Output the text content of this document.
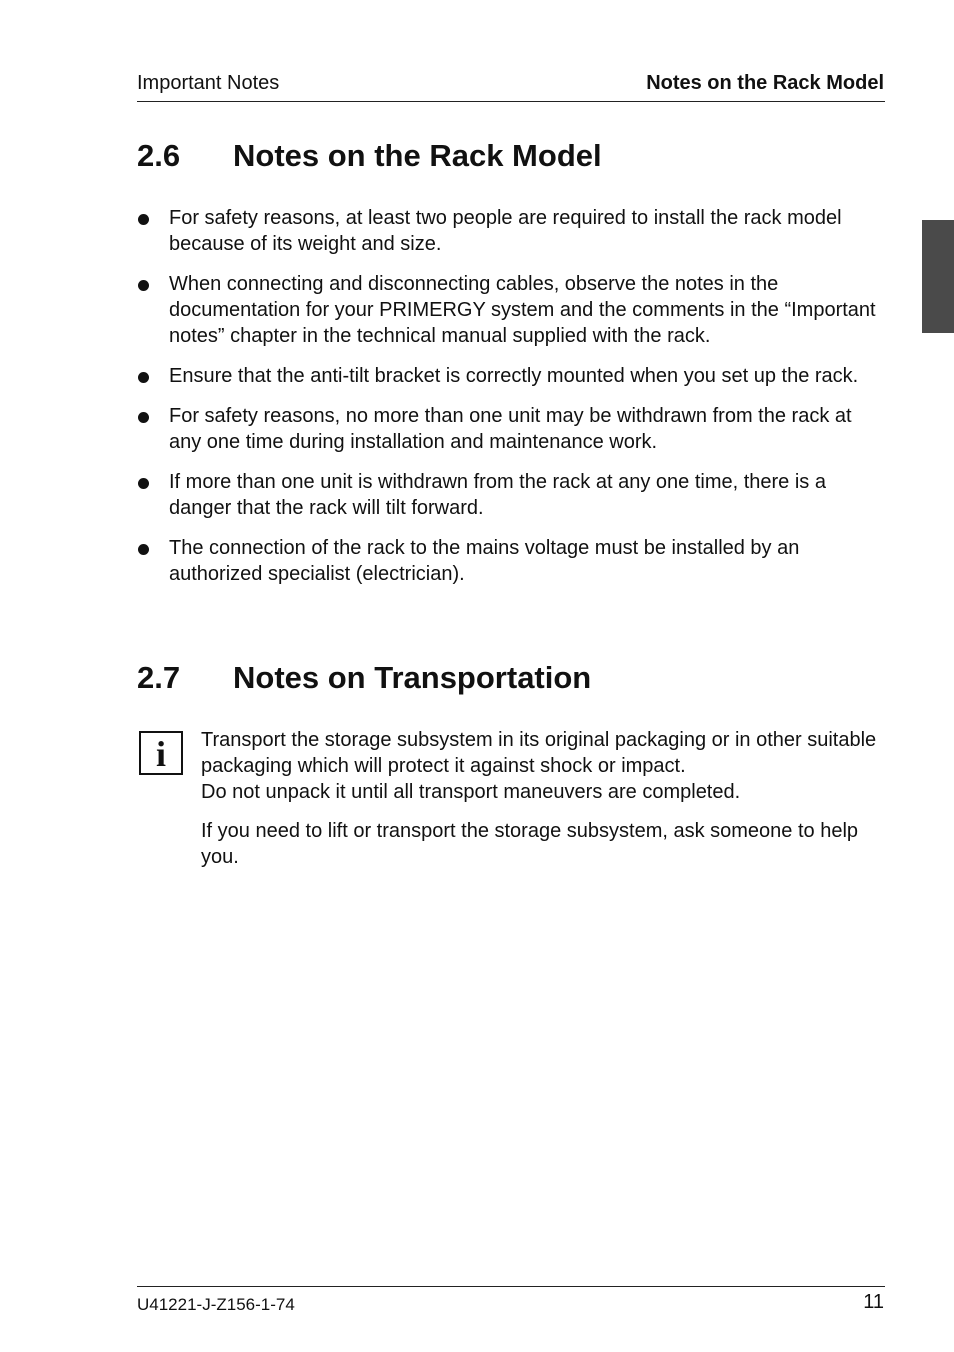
Important Notes	Notes on the Rack Model
2.6 Notes on the Rack Model
For safety reasons, at least two people are required to install the rack model because of its weight and size.
When connecting and disconnecting cables, observe the notes in the documentation for your PRIMERGY system and the comments in the “Important notes” chapter in the technical manual supplied with the rack.
Ensure that the anti-tilt bracket is correctly mounted when you set up the rack.
For safety reasons, no more than one unit may be withdrawn from the rack at any one time during installation and maintenance work.
If more than one unit is withdrawn from the rack at any one time, there is a danger that the rack will tilt forward.
The connection of the rack to the mains voltage must be installed by an authorized specialist (electrician).
2.7 Notes on Transportation
i	Transport the storage subsystem in its original packaging or in other suitable packaging which will protect it against shock or impact.
Do not unpack it until all transport maneuvers are completed.

If you need to lift or transport the storage subsystem, ask someone to help you.

U41221-J-Z156-1-74	11
